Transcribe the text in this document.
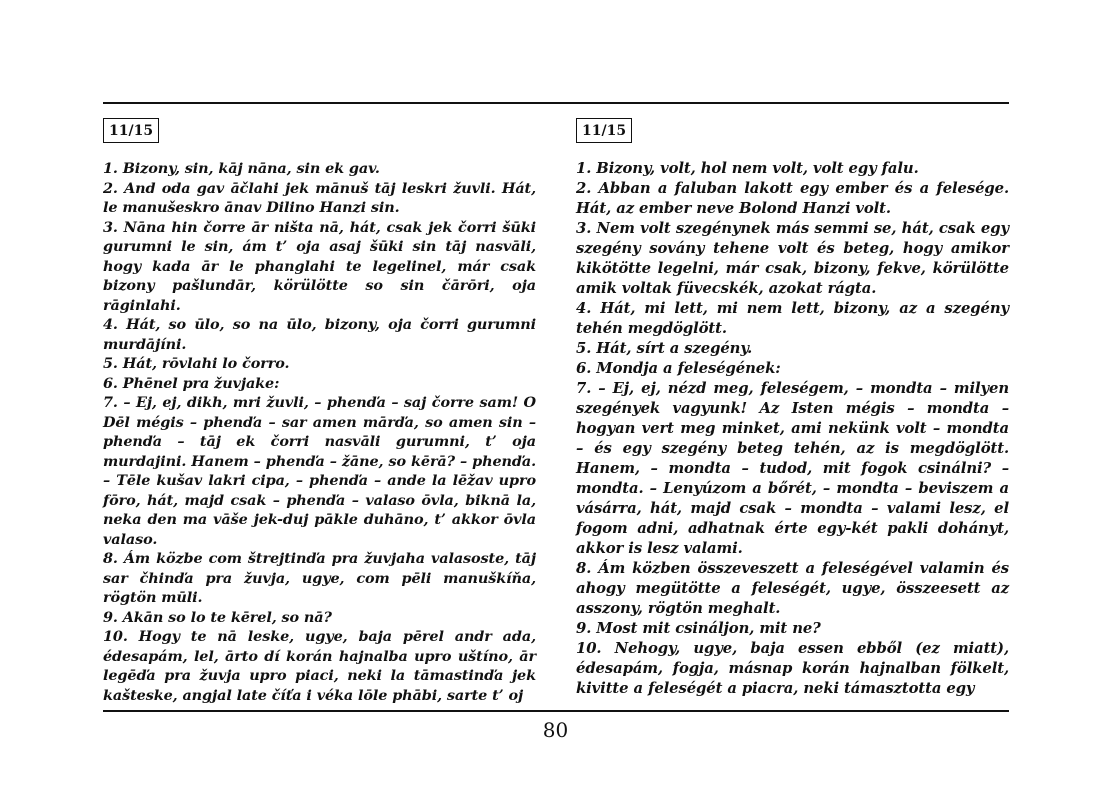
11/15

1. Bizony, sin, kāj nāna, sin ek gav.

2. And oda gav āčlahi jek mānuš tāj leskri žuvli. Hát, le manušeskro ānav Dilino Hanzi sin.

3. Nāna hin čorre ār ništa nā, hát, csak jek čorri šūki gurumni le sin, ám t’ oja asaj šūki sin tāj nasvāli, hogy kada ār le phanglahi te legelinel, már csak bizony pašlundār, körülötte so sin čārōri, oja rāginlahi.

4. Hát, so ūlo, so na ūlo, bizony, oja čorri gurumni murdājíni.

5. Hát, rōvlahi lo čorro.

6. Phēnel pra žuvjake:

7. – Ej, ej, dikh, mri žuvli, – phenďa – saj čorre sam! O Dēl mégis – phenďa – sar amen mārďa, so amen sin – phenďa – tāj ek čorri nasvāli gurumni, t’ oja murdajini. Hanem – phenďa – žāne, so kērā? – phenďa. – Tēle kušav lakri cipa, – phenďa – ande la lēžav upro fōro, hát, majd csak – phenďa – valaso ōvla, biknā la, neka den ma vāše jek-duj pākle duhāno, t’ akkor ōvla valaso.

8. Ám közbe com štrejtinďa pra žuvjaha valasoste, tāj sar čhinďa pra žuvja, ugye, com pēli manuškíňa, rögtön mūli.

9. Akān so lo te kērel, so nā?

10. Hogy te nā leske, ugye, baja pērel andr ada, édesapám, lel, ārto dí korán hajnalba upro uštíno, ār legēďa pra žuvja upro piaci, neki la tāmastinďa jek kašteske, angjal late číťa i véka lōle phābi, sarte t’ oj

11/15

1. Bizony, volt, hol nem volt, volt egy falu.

2. Abban a faluban lakott egy ember és a felesége. Hát, az ember neve Bolond Hanzi volt.

3. Nem volt szegénynek más semmi se, hát, csak egy szegény sovány tehene volt és beteg, hogy amikor kikötötte legelni, már csak, bizony, fekve, körülötte amik voltak füvecskék, azokat rágta.

4. Hát, mi lett, mi nem lett, bizony, az a szegény tehén megdöglött.

5. Hát, sírt a szegény.

6. Mondja a feleségének:

7. – Ej, ej, nézd meg, feleségem, – mondta – milyen szegények vagyunk! Az Isten mégis – mondta – hogyan vert meg minket, ami nekünk volt – mondta – és egy szegény beteg tehén, az is megdöglött. Hanem, – mondta – tudod, mit fogok csinálni? – mondta. – Lenyúzom a bőrét, – mondta – beviszem a vásárra, hát, majd csak – mondta – valami lesz, el fogom adni, adhatnak érte egy-két pakli dohányt, akkor is lesz valami.

8. Ám közben összeveszett a feleségével valamin és ahogy megütötte a feleségét, ugye, összeesett az asszony, rögtön meghalt.

9. Most mit csináljon, mit ne?

10. Nehogy, ugye, baja essen ebből (ez miatt), édesapám, fogja, másnap korán hajnalban fölkelt, kivitte a feleségét a piacra, neki támasztotta egy

80
